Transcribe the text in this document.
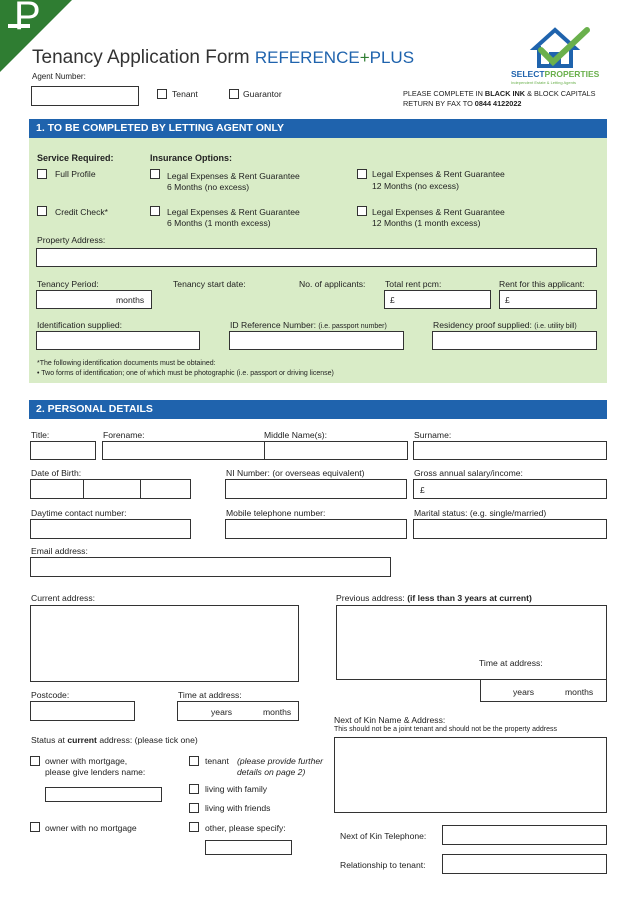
P
Tenancy Application Form REFERENCE+PLUS
SELECTPROPERTIES
Independent Estate & Letting Agents
Agent Number:
Tenant	Guarantor	PLEASE COMPLETE IN BLACK INK & BLOCK CAPITALS
RETURN BY FAX TO 0844 4122022
1. TO BE COMPLETED BY LETTING AGENT ONLY
Service Required:	Insurance Options:
Full Profile	Legal Expenses & Rent Guarantee
6 Months (no excess)
Legal Expenses & Rent Guarantee
12 Months (no excess)
Credit Check*	Legal Expenses & Rent Guarantee
6 Months (1 month excess)
Legal Expenses & Rent Guarantee
12 Months (1 month excess)
Property Address:
Tenancy Period:
months
Tenancy start date:	No. of applicants: Total rent pcm:
£
Rent for this applicant:
£
Identification supplied:	ID Reference Number: (i.e. passport number)	Residency proof supplied: (i.e. utility bill)
*The following identification documents must be obtained:
• Two forms of identification; one of which must be photographic (i.e. passport or driving license)
2. PERSONAL DETAILS
Title:	Forename:	Middle Name(s):	Surname:
Date of Birth:	NI Number: (or overseas equivalent)	Gross annual salary/income:
£
Daytime contact number:	Mobile telephone number:	Marital status: (e.g. single/married)
Email address:
Current address:	Previous address: (if less than 3 years at current)
Time at address:
years	months
Postcode:	Time at address:
years	months
Next of Kin Name & Address:
This should not be a joint tenant and should not be the property address
Status at current address: (please tick one)
owner with mortgage,
please give lenders name:
tenant (please provide further
details on page 2)
living with family
living with friends
owner with no mortgage	other, please specify:
Next of Kin Telephone:
Relationship to tenant:
